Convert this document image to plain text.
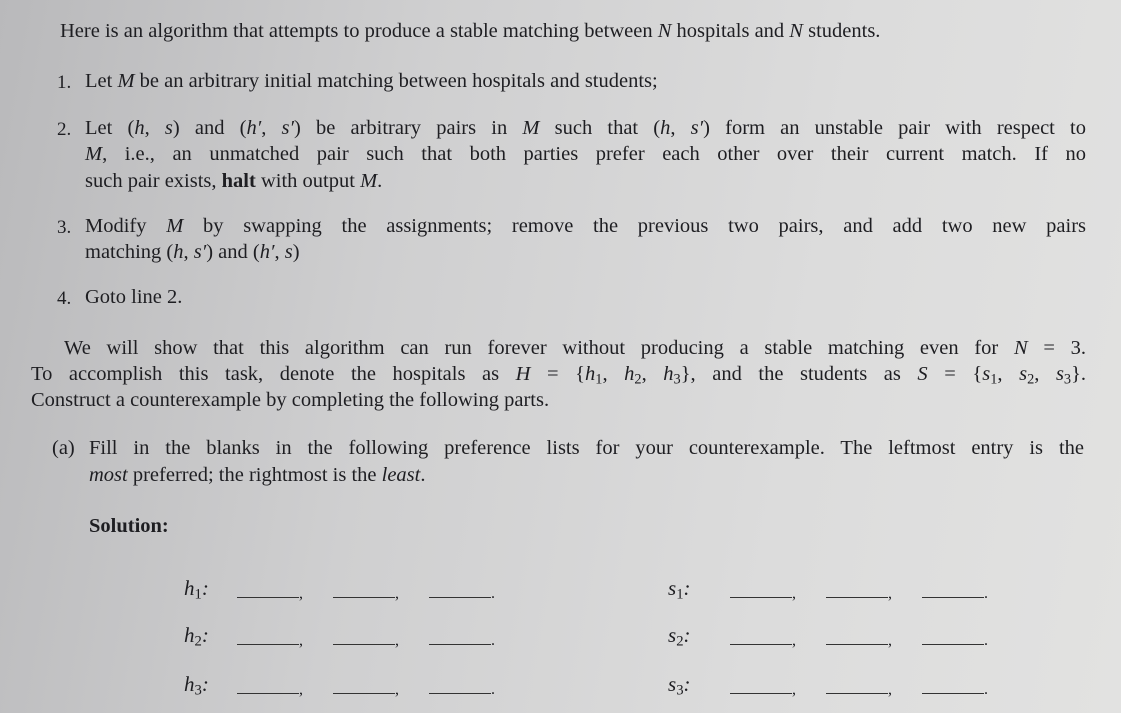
Here is an algorithm that attempts to produce a stable matching between N hospitals and N students.
1. Let M be an arbitrary initial matching between hospitals and students;
2. Let (h, s) and (h′, s′) be arbitrary pairs in M such that (h, s′) form an unstable pair with respect to
M, i.e., an unmatched pair such that both parties prefer each other over their current match. If no
such pair exists, halt with output M.
3. Modify M by swapping the assignments; remove the previous two pairs, and add two new pairs
matching (h, s′) and (h′, s)
4. Goto line 2.
We will show that this algorithm can run forever without producing a stable matching even for N = 3.
To accomplish this task, denote the hospitals as $H = \{h_1$, $h_2$, $h_3$}, and the students as $S = \{s_1$, $s_2$, $s_3$}.
Construct a counterexample by completing the following parts.
(a) Fill in the blanks in the following preference lists for your counterexample. The leftmost entry is the
most preferred; the rightmost is the least.
Solution:
$h_1$:	,	,	.
$h_2$:	,	,	.
$h_3$:	,	,	.
$s_1$:	,	,	.
$s_2$:	,	,	.
$s_3$:	,	,	.
